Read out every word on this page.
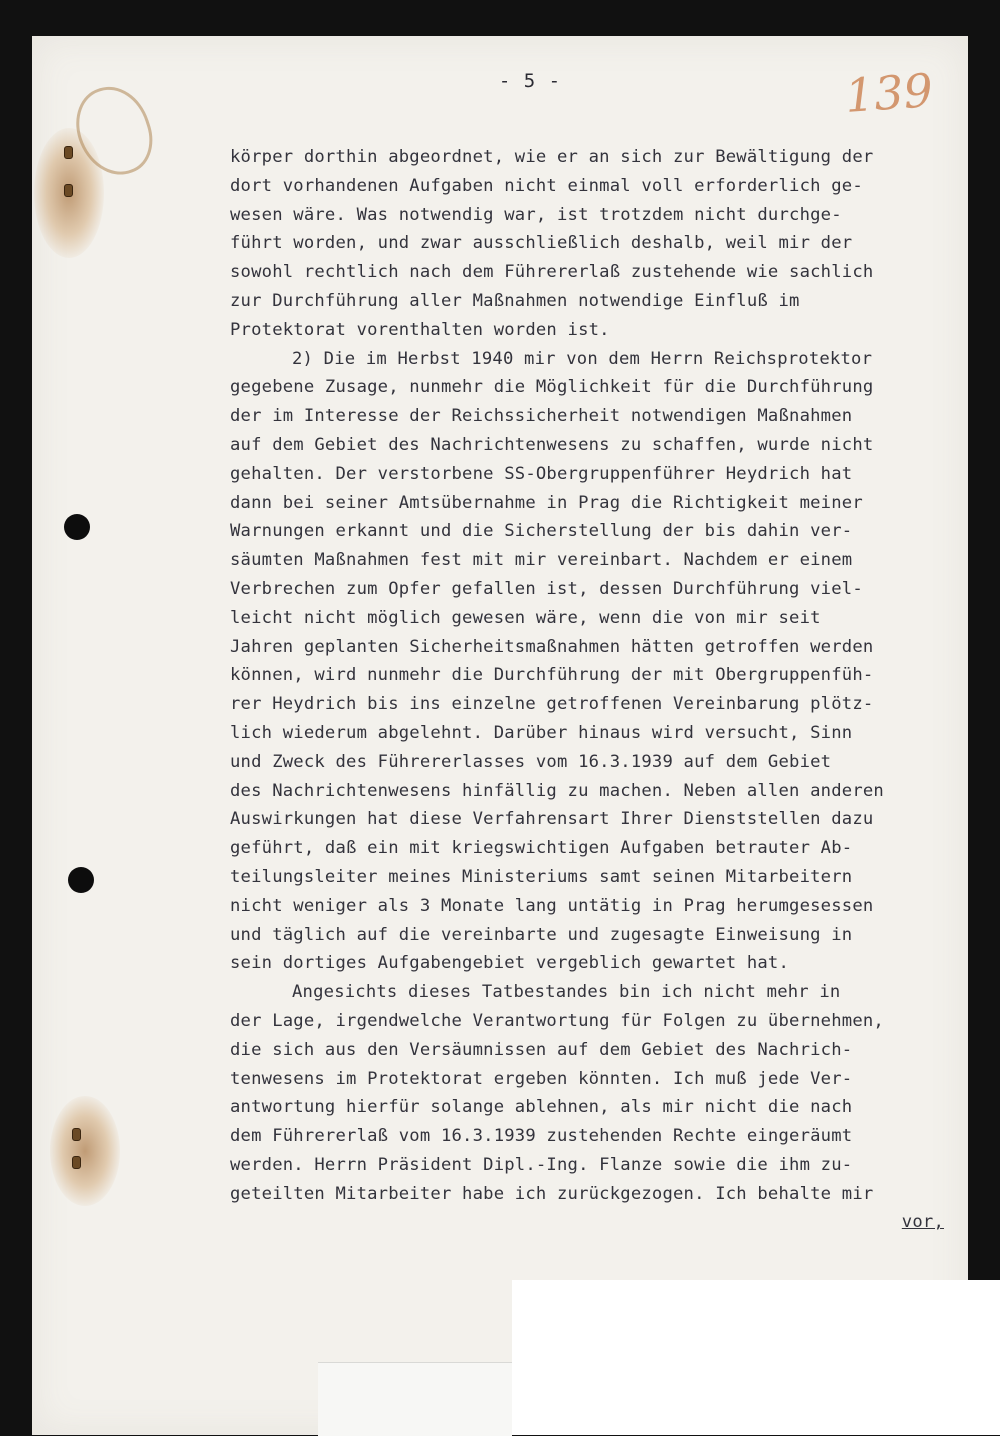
- 5 -	139
körper dorthin abgeordnet, wie er an sich zur Bewältigung der
dort vorhandenen Aufgaben nicht einmal voll erforderlich ge-
wesen wäre. Was notwendig war, ist trotzdem nicht durchge-
führt worden, und zwar ausschließlich deshalb, weil mir der
sowohl rechtlich nach dem Führererlaß zustehende wie sachlich
zur Durchführung aller Maßnahmen notwendige Einfluß im
Protektorat vorenthalten worden ist.
2) Die im Herbst 1940 mir von dem Herrn Reichsprotektor
gegebene Zusage, nunmehr die Möglichkeit für die Durchführung
der im Interesse der Reichssicherheit notwendigen Maßnahmen
auf dem Gebiet des Nachrichtenwesens zu schaffen, wurde nicht
gehalten. Der verstorbene SS-Obergruppenführer Heydrich hat
dann bei seiner Amtsübernahme in Prag die Richtigkeit meiner
Warnungen erkannt und die Sicherstellung der bis dahin ver-
säumten Maßnahmen fest mit mir vereinbart. Nachdem er einem
Verbrechen zum Opfer gefallen ist, dessen Durchführung viel-
leicht nicht möglich gewesen wäre, wenn die von mir seit
Jahren geplanten Sicherheitsmaßnahmen hätten getroffen werden
können, wird nunmehr die Durchführung der mit Obergruppenfüh-
rer Heydrich bis ins einzelne getroffenen Vereinbarung plötz-
lich wiederum abgelehnt. Darüber hinaus wird versucht, Sinn
und Zweck des Führererlasses vom 16.3.1939 auf dem Gebiet
des Nachrichtenwesens hinfällig zu machen. Neben allen anderen
Auswirkungen hat diese Verfahrensart Ihrer Dienststellen dazu
geführt, daß ein mit kriegswichtigen Aufgaben betrauter Ab-
teilungsleiter meines Ministeriums samt seinen Mitarbeitern
nicht weniger als 3 Monate lang untätig in Prag herumgesessen
und täglich auf die vereinbarte und zugesagte Einweisung in
sein dortiges Aufgabengebiet vergeblich gewartet hat.
Angesichts dieses Tatbestandes bin ich nicht mehr in
der Lage, irgendwelche Verantwortung für Folgen zu übernehmen,
die sich aus den Versäumnissen auf dem Gebiet des Nachrich-
tenwesens im Protektorat ergeben könnten. Ich muß jede Ver-
antwortung hierfür solange ablehnen, als mir nicht die nach
dem Führererlaß vom 16.3.1939 zustehenden Rechte eingeräumt
werden. Herrn Präsident Dipl.-Ing. Flanze sowie die ihm zu-
geteilten Mitarbeiter habe ich zurückgezogen. Ich behalte mir
vor,
